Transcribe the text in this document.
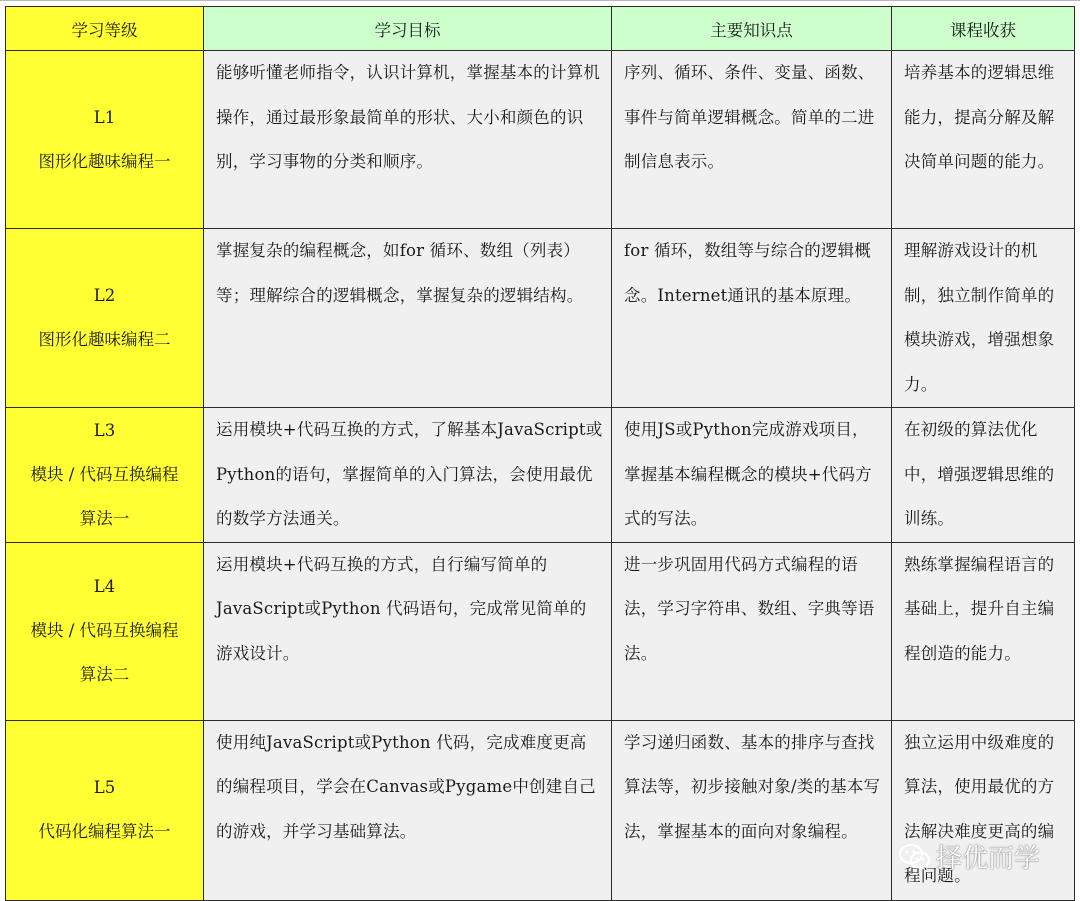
学习等级	学习目标	主要知识点	课程收获

L1
图形化趣味编程一	能够听懂老师指令，认识计算机，掌握基本的计算机操作，通过最形象最简单的形状、大小和颜色的识别，学习事物的分类和顺序。	序列、循环、条件、变量、函数、事件与简单逻辑概念。简单的二进制信息表示。	培养基本的逻辑思维能力，提高分解及解决简单问题的能力。

L2
图形化趣味编程二	掌握复杂的编程概念，如for 循环、数组（列表）等；理解综合的逻辑概念，掌握复杂的逻辑结构。	for 循环，数组等与综合的逻辑概念。Internet通讯的基本原理。	理解游戏设计的机制，独立制作简单的模块游戏，增强想象力。

L3
模块 / 代码互换编程
算法一	运用模块+代码互换的方式，了解基本JavaScript或Python的语句，掌握简单的入门算法，会使用最优的数学方法通关。	使用JS或Python完成游戏项目，掌握基本编程概念的模块+代码方式的写法。	在初级的算法优化中，增强逻辑思维的训练。

L4
模块 / 代码互换编程
算法二	运用模块+代码互换的方式，自行编写简单的JavaScript或Python 代码语句，完成常见简单的游戏设计。	进一步巩固用代码方式编程的语法，学习字符串、数组、字典等语法。	熟练掌握编程语言的基础上，提升自主编程创造的能力。

L5
代码化编程算法一	使用纯JavaScript或Python 代码，完成难度更高的编程项目，学会在Canvas或Pygame中创建自己的游戏，并学习基础算法。	学习递归函数、基本的排序与查找算法等，初步接触对象/类的基本写法，掌握基本的面向对象编程。	独立运用中级难度的算法，使用最优的方法解决难度更高的编程问题。
择优而学
